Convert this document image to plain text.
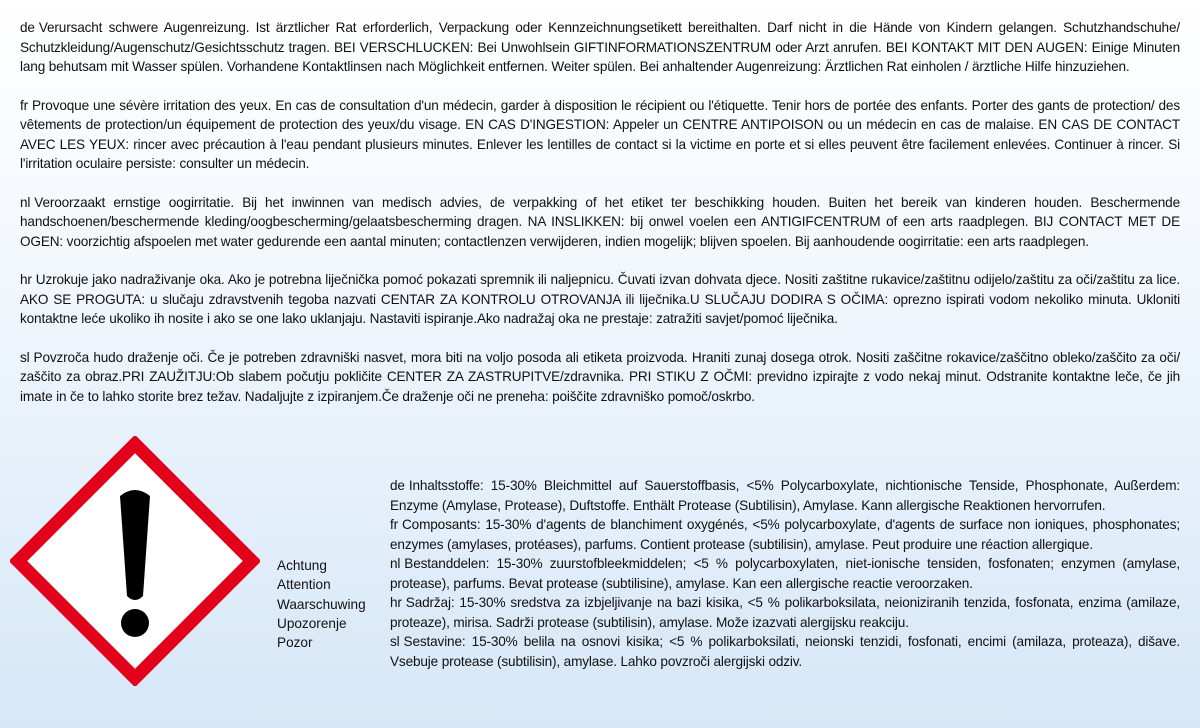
de Verursacht schwere Augenreizung. Ist ärztlicher Rat erforderlich, Verpackung oder Kennzeichnungsetikett bereithalten. Darf nicht in die Hände von Kindern gelangen. Schutzhandschuhe/ Schutzkleidung/Augenschutz/Gesichtsschutz tragen. BEI VERSCHLUCKEN: Bei Unwohlsein GIFTINFORMATIONSZENTRUM oder Arzt anrufen. BEI KONTAKT MIT DEN AUGEN: Einige Minuten lang behutsam mit Wasser spülen. Vorhandene Kontaktlinsen nach Möglichkeit entfernen. Weiter spülen. Bei anhaltender Augenreizung: Ärztlichen Rat einholen / ärztliche Hilfe hinzuziehen.

fr Provoque une sévère irritation des yeux. En cas de consultation d'un médecin, garder à disposition le récipient ou l'étiquette. Tenir hors de portée des enfants. Porter des gants de protection/ des vêtements de protection/un équipement de protection des yeux/du visage. EN CAS D'INGESTION: Appeler un CENTRE ANTIPOISON ou un médecin en cas de malaise. EN CAS DE CONTACT AVEC LES YEUX: rincer avec précaution à l'eau pendant plusieurs minutes. Enlever les lentilles de contact si la victime en porte et si elles peuvent être facilement enlevées. Continuer à rincer. Si l'irritation oculaire persiste: consulter un médecin.

nl Veroorzaakt ernstige oogirritatie. Bij het inwinnen van medisch advies, de verpakking of het etiket ter beschikking houden. Buiten het bereik van kinderen houden. Beschermende handschoenen/beschermende kleding/oogbescherming/gelaatsbescherming dragen. NA INSLIKKEN: bij onwel voelen een ANTIGIFCENTRUM of een arts raadplegen. BIJ CONTACT MET DE OGEN: voorzichtig afspoelen met water gedurende een aantal minuten; contactlenzen verwijderen, indien mogelijk; blijven spoelen. Bij aanhoudende oogirritatie: een arts raadplegen.

hr Uzrokuje jako nadraživanje oka. Ako je potrebna liječnička pomoć pokazati spremnik ili naljepnicu. Čuvati izvan dohvata djece. Nositi zaštitne rukavice/zaštitnu odijelo/zaštitu za oči/zaštitu za lice. AKO SE PROGUTA: u slučaju zdravstvenih tegoba nazvati CENTAR ZA KONTROLU OTROVANJA ili liječnika.U SLUČAJU DODIRA S OČIMA: oprezno ispirati vodom nekoliko minuta. Ukloniti kontaktne leće ukoliko ih nosite i ako se one lako uklanjaju. Nastaviti ispiranje.Ako nadražaj oka ne prestaje: zatražiti savjet/pomoć liječnika.

sl Povzroča hudo draženje oči. Če je potreben zdravniški nasvet, mora biti na voljo posoda ali etiketa proizvoda. Hraniti zunaj dosega otrok. Nositi zaščitne rokavice/zaščitno obleko/zaščito za oči/ zaščito za obraz.PRI ZAUŽITJU:Ob slabem počutju pokličite CENTER ZA ZASTRUPITVE/zdravnika. PRI STIKU Z OČMI: previdno izpirajte z vodo nekaj minut. Odstranite kontaktne leče, če jih imate in če to lahko storite brez težav. Nadaljujte z izpiranjem.Če draženje oči ne preneha: poiščite zdravniško pomoč/oskrbo.

Achtung
Attention
Waarschuwing
Upozorenje
Pozor

de Inhaltsstoffe: 15-30% Bleichmittel auf Sauerstoffbasis, <5% Polycarboxylate, nichtionische Tenside, Phosphonate, Außerdem: Enzyme (Amylase, Protease), Duftstoffe. Enthält Protease (Subtilisin), Amylase. Kann allergische Reaktionen hervorrufen.

fr Composants: 15-30% d'agents de blanchiment oxygénés, <5% polycarboxylate, d'agents de surface non ioniques, phosphonates; enzymes (amylases, protéases), parfums. Contient protease (subtilisin), amylase. Peut produire une réaction allergique.

nl Bestanddelen: 15-30% zuurstofbleekmiddelen; <5 % polycarboxylaten, niet-ionische tensiden, fosfonaten; enzymen (amylase, protease), parfums. Bevat protease (subtilisine), amylase. Kan een allergische reactie veroorzaken.

hr Sadržaj: 15-30% sredstva za izbjeljivanje na bazi kisika, <5 % polikarboksilata, neioniziranih tenzida, fosfonata, enzima (amilaze, proteaze), mirisa. Sadrži protease (subtilisin), amylase. Može izazvati alergijsku reakciju.

sl Sestavine: 15-30% belila na osnovi kisika; <5 % polikarboksilati, neionski tenzidi, fosfonati, encimi (amilaza, proteaza), dišave. Vsebuje protease (subtilisin), amylase. Lahko povzroči alergijski odziv.
